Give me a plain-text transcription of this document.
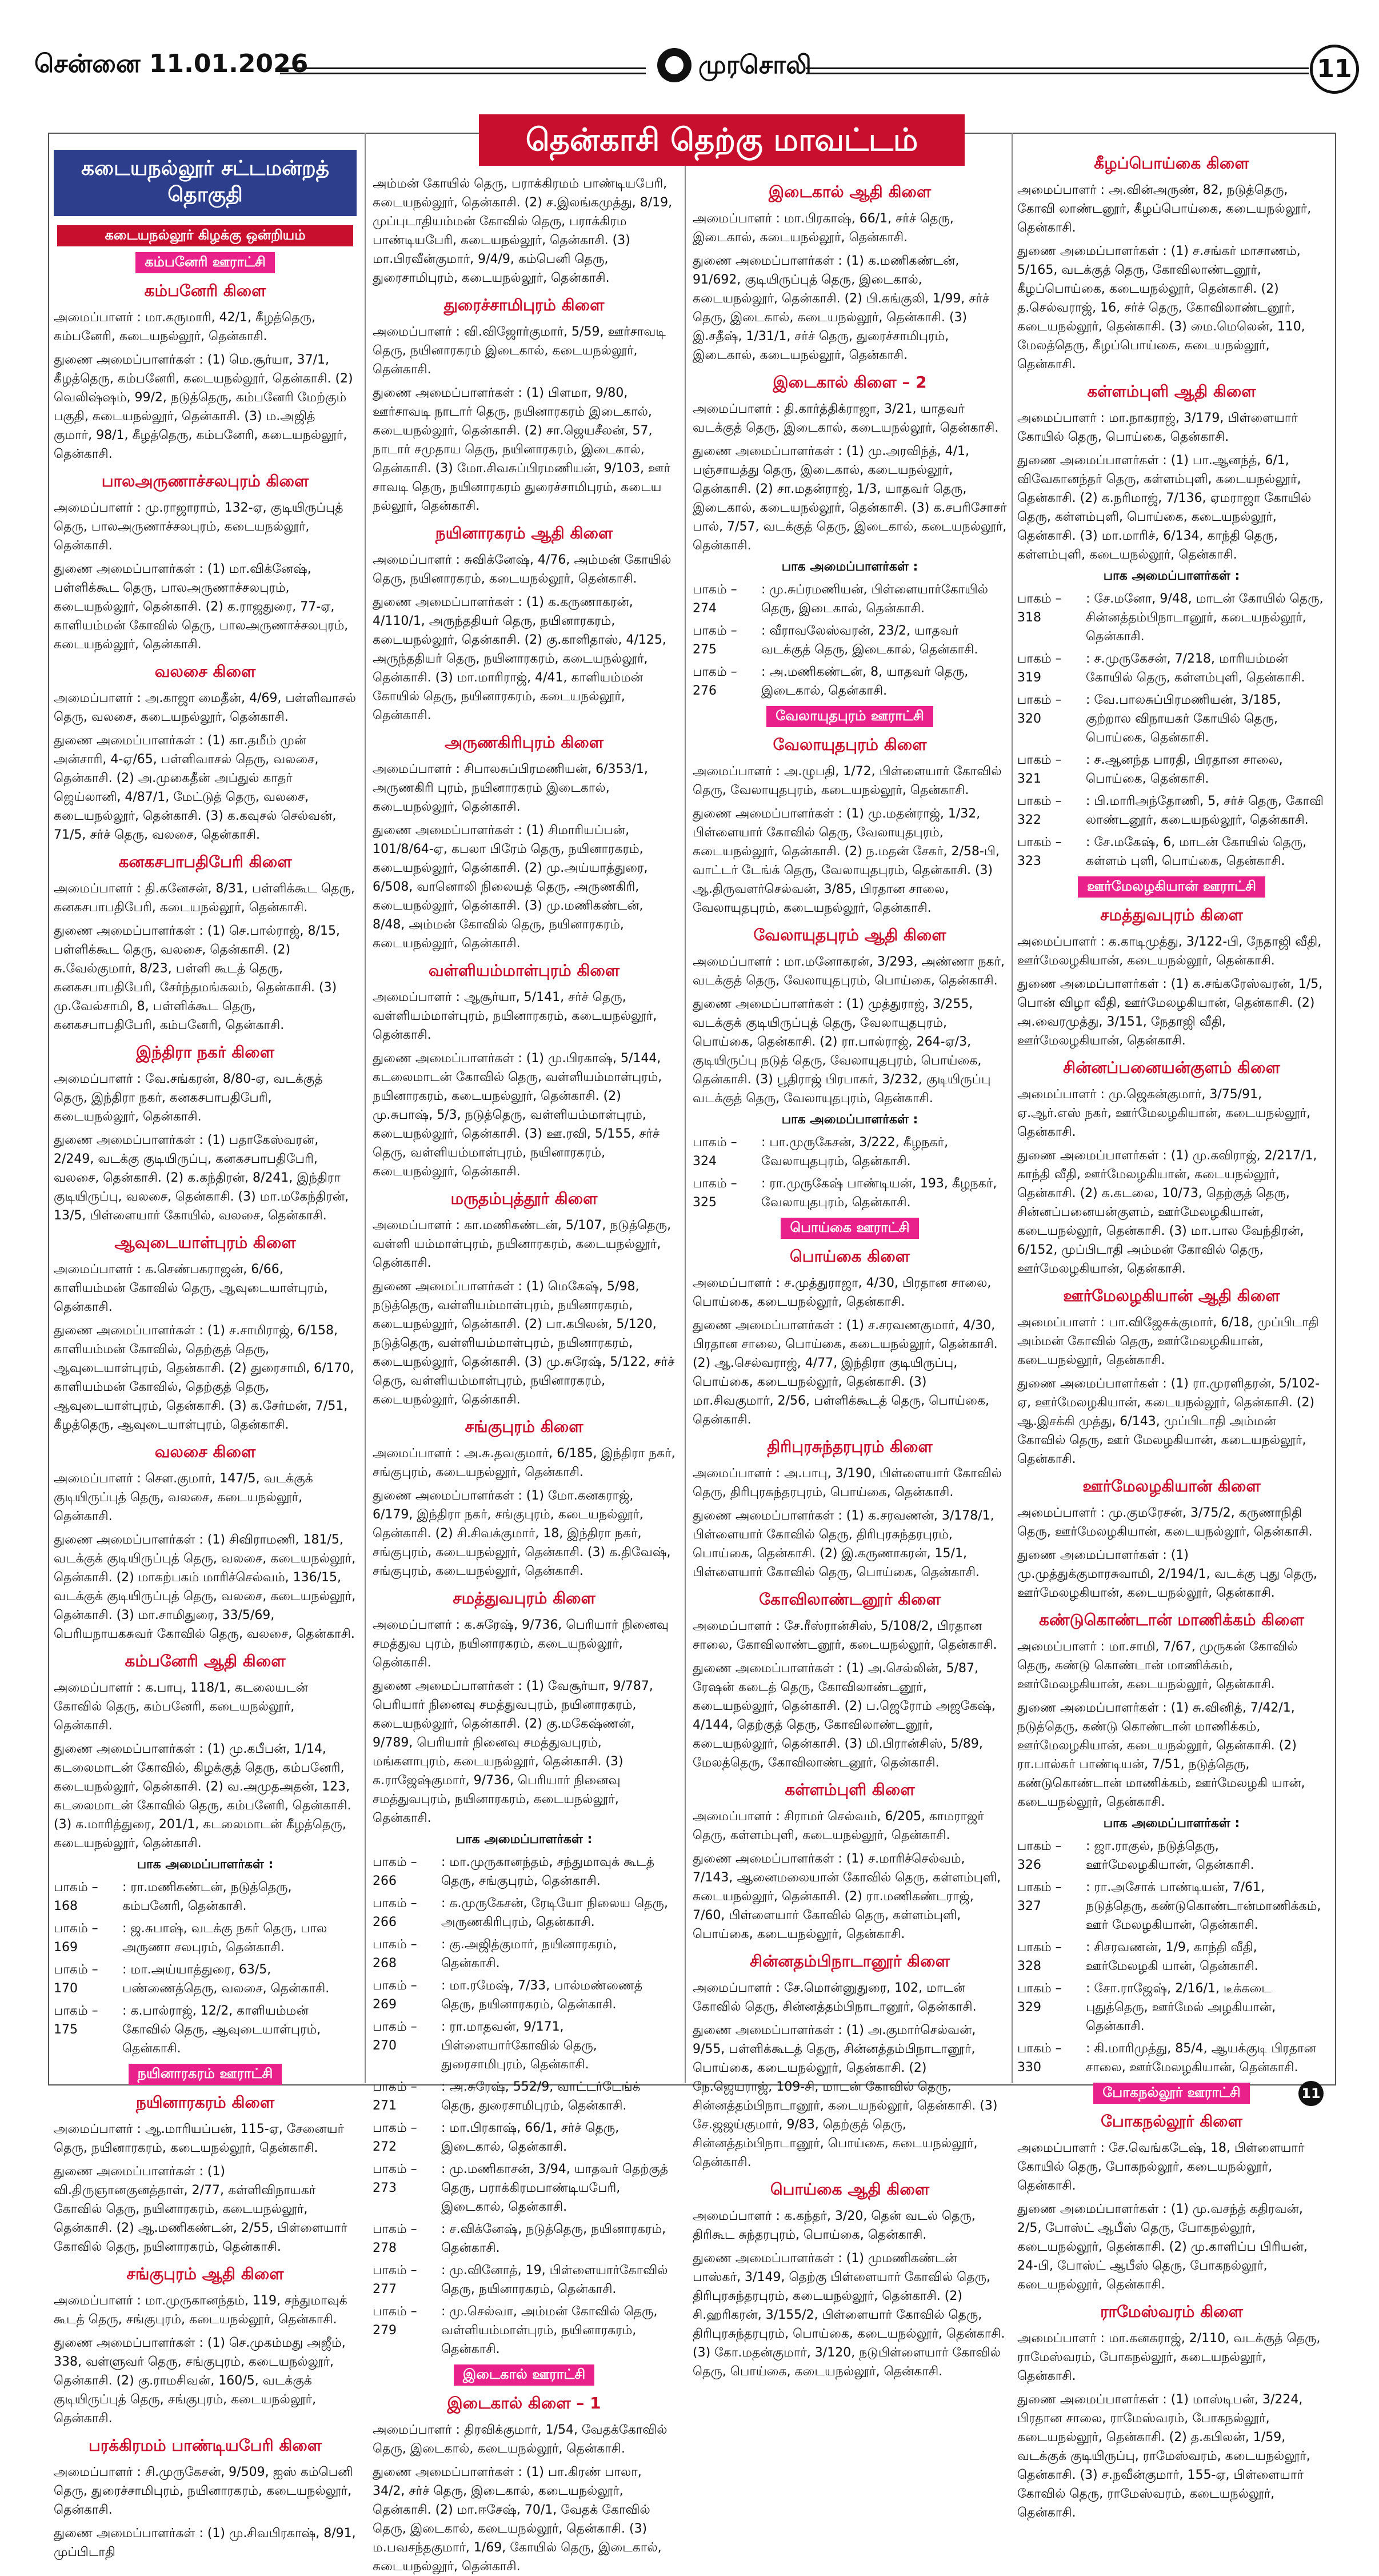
சென்னை 11.01.2026	முரசொலி	11
தென்காசி தெற்கு மாவட்டம்
கடையநல்லூர் சட்டமன்றத் தொகுதி
கடையநல்லூர் கிழக்கு ஒன்றியம்
கம்பனேரி ஊராட்சி
கம்பனேரி கிளை

அமைப்பாளர் : மா.கருமாரி, 42/1, கீழத்தெரு, கம்பனேரி, கடையநல்லூர், தென்காசி.

துணை அமைப்பாளர்கள் : (1) மெ.சூர்யா, 37/1, கீழத்தெரு, கம்பனேரி, கடையநல்லூர், தென்காசி. (2) வெலிஷ்ஷம், 99/2, நடுத்தெரு, கம்பனேரி மேற்கும் பகுதி, கடையநல்லூர், தென்காசி. (3) ம.அஜித் குமார், 98/1, கீழத்தெரு, கம்பனேரி, கடையநல்லூர், தென்காசி.

பாலஅருணாச்சலபுரம் கிளை

அமைப்பாளர் : மு.ராஜாராம், 132-ஏ, குடியிருப்புத் தெரு, பாலஅருணாச்சலபுரம், கடையநல்லூர், தென்காசி.

துணை அமைப்பாளர்கள் : (1) மா.விக்னேஷ், பள்ளிக்கூட தெரு, பாலஅருணாச்சலபுரம், கடையநல்லூர், தென்காசி. (2) க.ராஜதுரை, 77-ஏ, காளியம்மன் கோவில் தெரு, பாலஅருணாச்சலபுரம், கடையநல்லூர், தென்காசி.

வலசை கிளை

அமைப்பாளர் : அ.காஜா மைதீன், 4/69, பள்ளிவாசல் தெரு, வலசை, கடையநல்லூர், தென்காசி.

துணை அமைப்பாளர்கள் : (1) கா.தமீம் முன் அன்சாரி, 4-ஏ/65, பள்ளிவாசல் தெரு, வலசை, தென்காசி. (2) அ.முகைதீன் அப்துல் காதர் ஜெய்லானி, 4/87/1, மேட்டுத் தெரு, வலசை, கடையநல்லூர், தென்காசி. (3) க.கவுசல் செல்வன், 71/5, சர்ச் தெரு, வலசை, தென்காசி.

கனகசபாபதிபேரி கிளை

அமைப்பாளர் : தி.கனேசன், 8/31, பள்ளிக்கூட தெரு, கனகசபாபதிபேரி, கடையநல்லூர், தென்காசி.

துணை அமைப்பாளர்கள் : (1) செ.பால்ராஜ், 8/15, பள்ளிக்கூட தெரு, வலசை, தென்காசி. (2) சு.வேல்குமார், 8/23, பள்ளி கூடத் தெரு, கனகசபாபதிபேரி, சேர்ந்தமங்கலம், தென்காசி. (3) மு.வேல்சாமி, 8, பள்ளிக்கூட தெரு, கனகசபாபதிபேரி, கம்பனேரி, தென்காசி.

இந்திரா நகர் கிளை

அமைப்பாளர் : வே.சங்கரன், 8/80-ஏ, வடக்குத் தெரு, இந்திரா நகர், கனகசபாபதிபேரி, கடையநல்லூர், தென்காசி.

துணை அமைப்பாளர்கள் : (1) பதாகேஸ்வரன், 2/249, வடக்கு குடியிருப்பு, கனகசபாபதிபேரி, வலசை, தென்காசி. (2) க.கந்திரன், 8/241, இந்திரா குடியிருப்பு, வலசை, தென்காசி. (3) மா.மகேந்திரன், 13/5, பிள்ளையார் கோயில், வலசை, தென்காசி.

ஆவுடையாள்புரம் கிளை

அமைப்பாளர் : க.செண்பகராஜன், 6/66, காளியம்மன் கோவில் தெரு, ஆவுடையாள்புரம், தென்காசி.

துணை அமைப்பாளர்கள் : (1) ச.சாமிராஜ், 6/158, காளியம்மன் கோவில், தெற்குத் தெரு, ஆவுடையாள்புரம், தென்காசி. (2) துரைசாமி, 6/170, காளியம்மன் கோவில், தெற்குத் தெரு, ஆவுடையாள்புரம், தென்காசி. (3) க.சேர்மன், 7/51, கீழத்தெரு, ஆவுடையாள்புரம், தென்காசி.

வலசை கிளை

அமைப்பாளர் : சௌ.குமார், 147/5, வடக்குக் குடியிருப்புத் தெரு, வலசை, கடையநல்லூர், தென்காசி.

துணை அமைப்பாளர்கள் : (1) சிவிராமணி, 181/5, வடக்குக் குடியிருப்புத் தெரு, வலசை, கடையநல்லூர், தென்காசி. (2) மாகற்பகம் மாரிச்செல்வம், 136/15, வடக்குக் குடியிருப்புத் தெரு, வலசை, கடையநல்லூர், தென்காசி. (3) மா.சாமிதுரை, 33/5/69, பெரியநாயகசுவர் கோவில் தெரு, வலசை, தென்காசி.

கம்பனேரி ஆதி கிளை

அமைப்பாளர் : க.பாபு, 118/1, கடலையடன் கோவில் தெரு, கம்பனேரி, கடையநல்லூர், தென்காசி.

துணை அமைப்பாளர்கள் : (1) மு.கபீபன், 1/14, கடலைமாடன் கோவில், கிழக்குத் தெரு, கம்பனேரி, கடையநல்லூர், தென்காசி. (2) வ.அமுதஅதன், 123, கடலைமாடன் கோவில் தெரு, கம்பனேரி, தென்காசி. (3) க.மாரித்துரை, 201/1, கடலைமாடன் கீழத்தெரு, கடையநல்லூர், தென்காசி.

பாக அமைப்பாளர்கள் :
பாகம் – 168
: ரா.மணிகண்டன், நடுத்தெரு, கம்பனேரி, தென்காசி.
பாகம் – 169
: ஜ.சுபாஷ், வடக்கு நகர் தெரு, பால அருணா சலபுரம், தென்காசி.
பாகம் – 170
: மா.அய்யாத்துரை, 63/5, பண்ணைத்தெரு, வலசை, தென்காசி.
பாகம் – 175
: க.பால்ராஜ், 12/2, காளியம்மன் கோவில் தெரு, ஆவுடையாள்புரம், தென்காசி.
நயினாரகரம் ஊராட்சி
நயினாரகரம் கிளை

அமைப்பாளர் : ஆ.மாரியப்பன், 115-ஏ, சேனையர் தெரு, நயினாரகரம், கடையநல்லூர், தென்காசி.

துணை அமைப்பாளர்கள் : (1) வி.திருஞானகுனத்தாள், 2/77, கள்ளிவிநாயகர் கோவில் தெரு, நயினாரகரம், கடையநல்லூர், தென்காசி. (2) ஆ.மணிகண்டன், 2/55, பிள்ளையார் கோவில் தெரு, நயினாரகரம், தென்காசி.

சங்குபுரம் ஆதி கிளை

அமைப்பாளர் : மா.முருகானந்தம், 119, சந்துமாவுக் கூடத் தெரு, சங்குபுரம், கடையநல்லூர், தென்காசி.

துணை அமைப்பாளர்கள் : (1) செ.முகம்மது அஜீம், 338, வள்ளுவர் தெரு, சங்குபுரம், கடையநல்லூர், தென்காசி. (2) கு.ராமசிவன், 160/5, வடக்குக் குடியிருப்புத் தெரு, சங்குபுரம், கடையநல்லூர், தென்காசி.

பரக்கிரமம் பாண்டியபேரி கிளை

அமைப்பாளர் : சி.முருகேசன், 9/509, ஐஸ் கம்பெனி தெரு, துரைச்சாமிபுரம், நயினாரகரம், கடையநல்லூர், தென்காசி.

துணை அமைப்பாளர்கள் : (1) மு.சிவபிரகாஷ், 8/91, முப்பிடாதி

அம்மன் கோயில் தெரு, பராக்கிரமம் பாண்டியபேரி, கடையநல்லூர், தென்காசி. (2) ச.இலங்கமுத்து, 8/19, முப்புடாதியம்மன் கோவில் தெரு, பராக்கிரம பாண்டியபேரி, கடையநல்லூர், தென்காசி. (3) மா.பிரவீன்குமார், 9/4/9, கம்பெனி தெரு, துரைசாமிபுரம், கடையநல்லூர், தென்காசி.

துரைச்சாமிபுரம் கிளை

அமைப்பாளர் : வி.விஜோர்குமார், 5/59, ஊர்சாவடி தெரு, நயினாரகரம் இடைகால், கடையநல்லூர், தென்காசி.

துணை அமைப்பாளர்கள் : (1) பிளமா, 9/80, ஊர்சாவடி நாடார் தெரு, நயினாரகரம் இடைகால், கடையநல்லூர், தென்காசி. (2) சா.ஜெயசீலன், 57, நாடார் சமுதாய தெரு, நயினாரகரம், இடைகால், தென்காசி. (3) மோ.சிவசுப்பிரமணியன், 9/103, ஊர் சாவடி தெரு, நயினாரகரம் துரைச்சாமிபுரம், கடைய நல்லூர், தென்காசி.

நயினாரகரம் ஆதி கிளை

அமைப்பாளர் : சுவிக்னேஷ், 4/76, அம்மன் கோயில் தெரு, நயினாரகரம், கடையநல்லூர், தென்காசி.

துணை அமைப்பாளர்கள் : (1) க.கருணாகரன், 4/110/1, அருந்ததியர் தெரு, நயினாரகரம், கடையநல்லூர், தென்காசி. (2) கு.காளிதாஸ், 4/125, அருந்ததியர் தெரு, நயினாரகரம், கடையநல்லூர், தென்காசி. (3) மா.மாரிராஜ், 4/41, காளியம்மன் கோயில் தெரு, நயினாரகரம், கடையநல்லூர், தென்காசி.

அருணகிரிபுரம் கிளை

அமைப்பாளர் : சிபாலசுப்பிரமணியன், 6/353/1, அருணகிரி புரம், நயினாரகரம் இடைகால், கடையநல்லூர், தென்காசி.

துணை அமைப்பாளர்கள் : (1) சிமாரியப்பன், 101/8/64-ஏ, கபலா பிரேம் தெரு, நயினாரகரம், கடையநல்லூர், தென்காசி. (2) மு.அய்யாத்துரை, 6/508, வானொலி நிலையத் தெரு, அருணகிரி, கடையநல்லூர், தென்காசி. (3) மு.மணிகண்டன், 8/48, அம்மன் கோவில் தெரு, நயினாரகரம், கடையநல்லூர், தென்காசி.

வள்ளியம்மாள்புரம் கிளை

அமைப்பாளர் : ஆசூர்யா, 5/141, சர்ச் தெரு, வள்ளியம்மாள்புரம், நயினாரகரம், கடையநல்லூர், தென்காசி.

துணை அமைப்பாளர்கள் : (1) மு.பிரகாஷ், 5/144, கடலைமாடன் கோவில் தெரு, வள்ளியம்மாள்புரம், நயினாரகரம், கடையநல்லூர், தென்காசி. (2) மு.சுபாஷ், 5/3, நடுத்தெரு, வள்ளியம்மாள்புரம், கடையநல்லூர், தென்காசி. (3) ஊ.ரவி, 5/155, சர்ச் தெரு, வள்ளியம்மாள்புரம், நயினாரகரம், கடையநல்லூர், தென்காசி.

மருதம்புத்தூர் கிளை

அமைப்பாளர் : கா.மணிகண்டன், 5/107, நடுத்தெரு, வள்ளி யம்மாள்புரம், நயினாரகரம், கடையநல்லூர், தென்காசி.

துணை அமைப்பாளர்கள் : (1) மெகேஷ், 5/98, நடுத்தெரு, வள்ளியம்மாள்புரம், நயினாரகரம், கடையநல்லூர், தென்காசி. (2) பா.கபிலன், 5/120, நடுத்தெரு, வள்ளியம்மாள்புரம், நயினாரகரம், கடையநல்லூர், தென்காசி. (3) மு.சுரேஷ், 5/122, சர்ச் தெரு, வள்ளியம்மாள்புரம், நயினாரகரம், கடையநல்லூர், தென்காசி.

சங்குபுரம் கிளை

அமைப்பாளர் : அ.சு.தவகுமார், 6/185, இந்திரா நகர், சங்குபுரம், கடையநல்லூர், தென்காசி.

துணை அமைப்பாளர்கள் : (1) மோ.கனகராஜ், 6/179, இந்திரா நகர், சங்குபுரம், கடையநல்லூர், தென்காசி. (2) சி.சிவக்குமார், 18, இந்திரா நகர், சங்குபுரம், கடையநல்லூர், தென்காசி. (3) க.திவேஷ், சங்குபுரம், கடையநல்லூர், தென்காசி.

சமத்துவபுரம் கிளை

அமைப்பாளர் : க.சுரேஷ், 9/736, பெரியார் நினைவு சமத்துவ புரம், நயினாரகரம், கடையநல்லூர், தென்காசி.

துணை அமைப்பாளர்கள் : (1) வேசூர்யா, 9/787, பெரியார் நினைவு சமத்துவபுரம், நயினாரகரம், கடையநல்லூர், தென்காசி. (2) கு.மகேஷ்ணன், 9/789, பெரியார் நினைவு சமத்துவபுரம், மங்களாபுரம், கடையநல்லூர், தென்காசி. (3) க.ராஜேஷ்குமார், 9/736, பெரியார் நினைவு சமத்துவபுரம், நயினாரகரம், கடையநல்லூர், தென்காசி.

பாக அமைப்பாளர்கள் :
பாகம் – 266
: மா.முருகானந்தம், சந்துமாவுக் கூடத் தெரு, சங்குபுரம், தென்காசி.
பாகம் – 266
: க.முருகேசன், ரேடியோ நிலைய தெரு, அருணகிரிபுரம், தென்காசி.
பாகம் – 268
: கு.அஜித்குமார், நயினாரகரம், தென்காசி.
பாகம் – 269
: மா.ரமேஷ், 7/33, பால்மண்ணைத் தெரு, நயினாரகரம், தென்காசி.
பாகம் – 270
: ரா.மாதவன், 9/171, பிள்ளையார்கோவில் தெரு, துரைசாமிபுரம், தென்காசி.
பாகம் – 271
: அ.சுரேஷ், 552/9, வாட்டர்டேங்க் தெரு, துரைசாமிபுரம், தென்காசி.
பாகம் – 272
: மா.பிரகாஷ், 66/1, சர்ச் தெரு, இடைகால், தென்காசி.
பாகம் – 273
: மு.மணிகாசன், 3/94, யாதவர் தெற்குத் தெரு, பராக்கிரமபாண்டியபேரி, இடைகால், தென்காசி.
பாகம் – 278
: ச.விக்னேஷ், நடுத்தெரு, நயினாரகரம், தென்காசி.
பாகம் – 277
: மு.வினோத், 19, பிள்ளையார்கோவில் தெரு, நயினாரகரம், தென்காசி.
பாகம் – 279
: மு.செல்வா, அம்மன் கோவில் தெரு, வள்ளியம்மாள்புரம், நயினாரகரம், தென்காசி.
இடைகால் ஊராட்சி
இடைகால் கிளை – 1

அமைப்பாளர் : திரவிக்குமார், 1/54, வேதக்கோவில் தெரு, இடைகால், கடையநல்லூர், தென்காசி.

துணை அமைப்பாளர்கள் : (1) பா.கிரண் பாலா, 34/2, சர்ச் தெரு, இடைகால், கடையநல்லூர், தென்காசி. (2) மா.ஈசேஷ், 70/1, வேதக் கோவில் தெரு, இடைகால், கடையநல்லூர், தென்காசி. (3) ம.பவசந்தகுமார், 1/69, கோயில் தெரு, இடைகால், கடையநல்லூர், தென்காசி.

இடைகால் ஆதி கிளை

அமைப்பாளர் : மா.பிரகாஷ், 66/1, சர்ச் தெரு, இடைகால், கடையநல்லூர், தென்காசி.

துணை அமைப்பாளர்கள் : (1) க.மணிகண்டன், 91/692, குடியிருப்புத் தெரு, இடைகால், கடையநல்லூர், தென்காசி. (2) பி.கங்குலி, 1/99, சர்ச் தெரு, இடைகால், கடையநல்லூர், தென்காசி. (3) இ.சதீஷ், 1/31/1, சர்ச் தெரு, துரைச்சாமிபுரம், இடைகால், கடையநல்லூர், தென்காசி.

இடைகால் கிளை – 2

அமைப்பாளர் : தி.கார்த்திக்ராஜா, 3/21, யாதவர் வடக்குத் தெரு, இடைகால், கடையநல்லூர், தென்காசி.

துணை அமைப்பாளர்கள் : (1) மு.அரவிந்த், 4/1, பஞ்சாயத்து தெரு, இடைகால், கடையநல்லூர், தென்காசி. (2) சா.மதன்ராஜ், 1/3, யாதவர் தெரு, இடைகால், கடையநல்லூர், தென்காசி. (3) க.சபரிசோசர் பால், 7/57, வடக்குத் தெரு, இடைகால், கடையநல்லூர், தென்காசி.

பாக அமைப்பாளர்கள் :
பாகம் – 274
: மு.சுப்ரமணியன், பிள்ளையார்கோயில் தெரு, இடைகால், தென்காசி.
பாகம் – 275
: வீராவலேஸ்வரன், 23/2, யாதவர் வடக்குத் தெரு, இடைகால், தென்காசி.
பாகம் – 276
: அ.மணிகண்டன், 8, யாதவர் தெரு, இடைகால், தென்காசி.
வேலாயுதபுரம் ஊராட்சி
வேலாயுதபுரம் கிளை

அமைப்பாளர் : அ.ழுபதி, 1/72, பிள்ளையார் கோவில் தெரு, வேலாயுதபுரம், கடையநல்லூர், தென்காசி.

துணை அமைப்பாளர்கள் : (1) மு.மதன்ராஜ், 1/32, பிள்ளையார் கோவில் தெரு, வேலாயுதபுரம், கடையநல்லூர், தென்காசி. (2) ந.மதன் சேகர், 2/58-பி, வாட்டர் டேங்க் தெரு, வேலாயுதபுரம், தென்காசி. (3) ஆ.திருவளர்செல்வன், 3/85, பிரதான சாலை, வேலாயுதபுரம், கடையநல்லூர், தென்காசி.

வேலாயுதபுரம் ஆதி கிளை

அமைப்பாளர் : மா.மனோகரன், 3/293, அண்ணா நகர், வடக்குத் தெரு, வேலாயுதபுரம், பொய்கை, தென்காசி.

துணை அமைப்பாளர்கள் : (1) முத்துராஜ், 3/255, வடக்குக் குடியிருப்புத் தெரு, வேலாயுதபுரம், பொய்கை, தென்காசி. (2) ரா.பால்ராஜ், 264-ஏ/3, குடியிருப்பு நடுத் தெரு, வேலாயுதபுரம், பொய்கை, தென்காசி. (3) பூதிராஜ் பிரபாகர், 3/232, குடியிருப்பு வடக்குத் தெரு, வேலாயுதபுரம், தென்காசி.

பாக அமைப்பாளர்கள் :
பாகம் – 324
: பா.முருகேசன், 3/222, கீழநகர், வேலாயுதபுரம், தென்காசி.
பாகம் – 325
: ரா.முருகேஷ் பாண்டியன், 193, கீழநகர், வேலாயுதபுரம், தென்காசி.
பொய்கை ஊராட்சி
பொய்கை கிளை

அமைப்பாளர் : ச.முத்துராஜா, 4/30, பிரதான சாலை, பொய்கை, கடையநல்லூர், தென்காசி.

துணை அமைப்பாளர்கள் : (1) ச.சரவணகுமார், 4/30, பிரதான சாலை, பொய்கை, கடையநல்லூர், தென்காசி. (2) ஆ.செல்வராஜ், 4/77, இந்திரா குடியிருப்பு, பொய்கை, கடையநல்லூர், தென்காசி. (3) மா.சிவகுமார், 2/56, பள்ளிக்கூடத் தெரு, பொய்கை, தென்காசி.

திரிபுரசுந்தரபுரம் கிளை

அமைப்பாளர் : அ.பாபு, 3/190, பிள்ளையார் கோவில் தெரு, திரிபுரசுந்தரபுரம், பொய்கை, தென்காசி.

துணை அமைப்பாளர்கள் : (1) க.சரவணன், 3/178/1, பிள்ளையார் கோவில் தெரு, திரிபுரசுந்தரபுரம், பொய்கை, தென்காசி. (2) இ.கருணாகரன், 15/1, பிள்ளையார் கோவில் தெரு, பொய்கை, தென்காசி.

கோவிலாண்டனூர் கிளை

அமைப்பாளர் : சே.ரீஸ்ரான்சிஸ், 5/108/2, பிரதான சாலை, கோவிலாண்டனூர், கடையநல்லூர், தென்காசி.

துணை அமைப்பாளர்கள் : (1) அ.செல்லின், 5/87, ரேஷன் கடைத் தெரு, கோவிலாண்டனூர், கடையநல்லூர், தென்காசி. (2) ப.ஜெரோம் அஜகேஷ், 4/144, தெற்குத் தெரு, கோவிலாண்டனூர், கடையநல்லூர், தென்காசி. (3) மி.பிரான்சிஸ், 5/89, மேலத்தெரு, கோவிலாண்டனூர், தென்காசி.

கள்ளம்புளி கிளை

அமைப்பாளர் : சிராமர் செல்வம், 6/205, காமராஜர் தெரு, கள்ளம்புளி, கடையநல்லூர், தென்காசி.

துணை அமைப்பாளர்கள் : (1) ச.மாரிச்செல்வம், 7/143, ஆனைமலையான் கோவில் தெரு, கள்ளம்புளி, கடையநல்லூர், தென்காசி. (2) ரா.மணிகண்டராஜ், 7/60, பிள்ளையார் கோவில் தெரு, கள்ளம்புளி, பொய்கை, கடையநல்லூர், தென்காசி.

சின்னதம்பிநாடானூர் கிளை

அமைப்பாளர் : சே.மொன்னுதுரை, 102, மாடன் கோவில் தெரு, சின்னத்தம்பிநாடானூர், தென்காசி.

துணை அமைப்பாளர்கள் : (1) அ.குமார்செல்வன், 9/55, பள்ளிக்கூடத் தெரு, சின்னத்தம்பிநாடானூர், பொய்கை, கடையநல்லூர், தென்காசி. (2) நே.ஜெயராஜ், 109-சி, மாடன் கோவில் தெரு, சின்னத்தம்பிநாடானூர், கடையநல்லூர், தென்காசி. (3) சே.ஜஜய்குமார், 9/83, தெற்குத் தெரு, சின்னத்தம்பிநாடானூர், பொய்கை, கடையநல்லூர், தென்காசி.

பொய்கை ஆதி கிளை

அமைப்பாளர் : க.கந்தர், 3/20, தென் வடல் தெரு, திரிகூட சுந்தரபுரம், பொய்கை, தென்காசி.

துணை அமைப்பாளர்கள் : (1) முமணிகண்டன் பாஸ்கர், 3/149, தெற்கு பிள்ளையார் கோவில் தெரு, திரிபுரசுந்தரபுரம், கடையநல்லூர், தென்காசி. (2) சி.ஹரிகரன், 3/155/2, பிள்ளையார் கோவில் தெரு, திரிபுரசுந்தரபுரம், பொய்கை, கடையநல்லூர், தென்காசி. (3) கோ.மதன்குமார், 3/120, நடுபிள்ளையார் கோவில் தெரு, பொய்கை, கடையநல்லூர், தென்காசி.

கீழப்பொய்கை கிளை

அமைப்பாளர் : அ.வின்அருண், 82, நடுத்தெரு, கோவி லாண்டனூர், கீழப்பொய்கை, கடையநல்லூர், தென்காசி.

துணை அமைப்பாளர்கள் : (1) ச.சங்கர் மாசாணம், 5/165, வடக்குத் தெரு, கோவிலாண்டனூர், கீழப்பொய்கை, கடையநல்லூர், தென்காசி. (2) த.செல்வராஜ், 16, சர்ச் தெரு, கோவிலாண்டனூர், கடையநல்லூர், தென்காசி. (3) மை.மெலென், 110, மேலத்தெரு, கீழப்பொய்கை, கடையநல்லூர், தென்காசி.

கள்ளம்புளி ஆதி கிளை

அமைப்பாளர் : மா.நாகராஜ், 3/179, பிள்ளையார் கோயில் தெரு, பொய்கை, தென்காசி.

துணை அமைப்பாளர்கள் : (1) பா.ஆனந்த், 6/1, விவேகானந்தர் தெரு, கள்ளம்புளி, கடையநல்லூர், தென்காசி. (2) க.நரிமாஜ், 7/136, ஏமராஜா கோயில் தெரு, கள்ளம்புளி, பொய்கை, கடையநல்லூர், தென்காசி. (3) மா.மாரிச், 6/134, காந்தி தெரு, கள்ளம்புளி, கடையநல்லூர், தென்காசி.

பாக அமைப்பாளர்கள் :
பாகம் – 318
: சே.மனோ, 9/48, மாடன் கோயில் தெரு, சின்னத்தம்பிநாடானூர், கடையநல்லூர், தென்காசி.
பாகம் – 319
: ச.முருகேசன், 7/218, மாரியம்மன் கோயில் தெரு, கள்ளம்புளி, தென்காசி.
பாகம் – 320
: வே.பாலசுப்பிரமணியன், 3/185, குற்றால விநாயகர் கோயில் தெரு, பொய்கை, தென்காசி.
பாகம் – 321
: ச.ஆனந்த பாரதி, பிரதான சாலை, பொய்கை, தென்காசி.
பாகம் – 322
: பி.மாரிஅந்தோணி, 5, சர்ச் தெரு, கோவி லாண்டனூர், கடையநல்லூர், தென்காசி.
பாகம் – 323
: சே.மகேஷ், 6, மாடன் கோயில் தெரு, கள்ளம் புளி, பொய்கை, தென்காசி.
ஊர்மேலழகியான் ஊராட்சி
சமத்துவபுரம் கிளை

அமைப்பாளர் : க.காடிமுத்து, 3/122-பி, நேதாஜி வீதி, ஊர்மேலழகியான், கடையநல்லூர், தென்காசி.

துணை அமைப்பாளர்கள் : (1) க.சங்கரேஸ்வரன், 1/5, பொன் விழா வீதி, ஊர்மேலழகியான், தென்காசி. (2) அ.வைரமுத்து, 3/151, நேதாஜி வீதி, ஊர்மேலழகியான், தென்காசி.

சின்னப்பனையன்குளம் கிளை

அமைப்பாளர் : மு.ஜெகன்குமார், 3/75/91, ஏ.ஆர்.எஸ் நகர், ஊர்மேலழகியான், கடையநல்லூர், தென்காசி.

துணை அமைப்பாளர்கள் : (1) மு.கவிராஜ், 2/217/1, காந்தி வீதி, ஊர்மேலழகியான், கடையநல்லூர், தென்காசி. (2) க.கடலை, 10/73, தெற்குத் தெரு, சின்னப்பனையன்குளம், ஊர்மேலழகியான், கடையநல்லூர், தென்காசி. (3) மா.பால வேந்திரன், 6/152, முப்பிடாதி அம்மன் கோவில் தெரு, ஊர்மேலழகியான், தென்காசி.

ஊர்மேலழகியான் ஆதி கிளை

அமைப்பாளர் : பா.விஜேசுக்குமார், 6/18, முப்பிடாதி அம்மன் கோவில் தெரு, ஊர்மேலழகியான், கடையநல்லூர், தென்காசி.

துணை அமைப்பாளர்கள் : (1) ரா.முரளிதரன், 5/102-ஏ, ஊர்மேலழகியான், கடையநல்லூர், தென்காசி. (2) ஆ.இசக்கி முத்து, 6/143, முப்பிடாதி அம்மன் கோவில் தெரு, ஊர் மேலழகியான், கடையநல்லூர், தென்காசி.

ஊர்மேலழகியான் கிளை

அமைப்பாளர் : மு.குமரேசன், 3/75/2, கருணாநிதி தெரு, ஊர்மேலழகியான், கடையநல்லூர், தென்காசி.

துணை அமைப்பாளர்கள் : (1) மு.முத்துக்குமாரசுவாமி, 2/194/1, வடக்கு புது தெரு, ஊர்மேலழகியான், கடையநல்லூர், தென்காசி.

கண்டுகொண்டான் மாணிக்கம் கிளை

அமைப்பாளர் : மா.சாமி, 7/67, முருகன் கோவில் தெரு, கண்டு கொண்டான் மாணிக்கம், ஊர்மேலழகியான், கடையநல்லூர், தென்காசி.

துணை அமைப்பாளர்கள் : (1) சு.வினித், 7/42/1, நடுத்தெரு, கண்டு கொண்டான் மாணிக்கம், ஊர்மேலழகியான், கடையநல்லூர், தென்காசி. (2) ரா.பால்கர் பாண்டியன், 7/51, நடுத்தெரு, கண்டுகொண்டான் மாணிக்கம், ஊர்மேலழகி யான், கடையநல்லூர், தென்காசி.

பாக அமைப்பாளர்கள் :
பாகம் – 326
: ஜா.ராகுல், நடுத்தெரு, ஊர்மேலழகியான், தென்காசி.
பாகம் – 327
: ரா.அசோக் பாண்டியன், 7/61, நடுத்தெரு, கண்டுகொண்டான்மாணிக்கம், ஊர் மேலழகியான், தென்காசி.
பாகம் – 328
: சிசரவணன், 1/9, காந்தி வீதி, ஊர்மேலழகி யான், தென்காசி.
பாகம் – 329
: சோ.ராஜேஷ், 2/16/1, டீக்கடை புதுத்தெரு, ஊர்மேல் அழகியான், தென்காசி.
பாகம் – 330
: கி.மாரிமுத்து, 85/4, ஆயக்குடி பிரதான சாலை, ஊர்மேலழகியான், தென்காசி.
போகநல்லூர் ஊராட்சி
போகநல்லூர் கிளை

அமைப்பாளர் : சே.வெங்கடேஷ், 18, பிள்ளையார் கோயில் தெரு, போகநல்லூர், கடையநல்லூர், தென்காசி.

துணை அமைப்பாளர்கள் : (1) மு.வசந்த் கதிரவன், 2/5, போஸ்ட் ஆபீஸ் தெரு, போகநல்லூர், கடையநல்லூர், தென்காசி. (2) மு.காளிப்ப பிரியன், 24-பி, போஸ்ட் ஆபீஸ் தெரு, போகநல்லூர், கடையநல்லூர், தென்காசி.

ராமேஸ்வரம் கிளை

அமைப்பாளர் : மா.கனகராஜ், 2/110, வடக்குத் தெரு, ராமேஸ்வரம், போகநல்லூர், கடையநல்லூர், தென்காசி.

துணை அமைப்பாளர்கள் : (1) மாஸ்டிபன், 3/224, பிரதான சாலை, ராமேஸ்வரம், போகநல்லூர், கடையநல்லூர், தென்காசி. (2) த.கபிலன், 1/59, வடக்குக் குடியிருப்பு, ராமேஸ்வரம், கடையநல்லூர், தென்காசி. (3) ச.நவீன்குமார், 155-ஏ, பிள்ளையார் கோவில் தெரு, ராமேஸ்வரம், கடையநல்லூர், தென்காசி.

11
